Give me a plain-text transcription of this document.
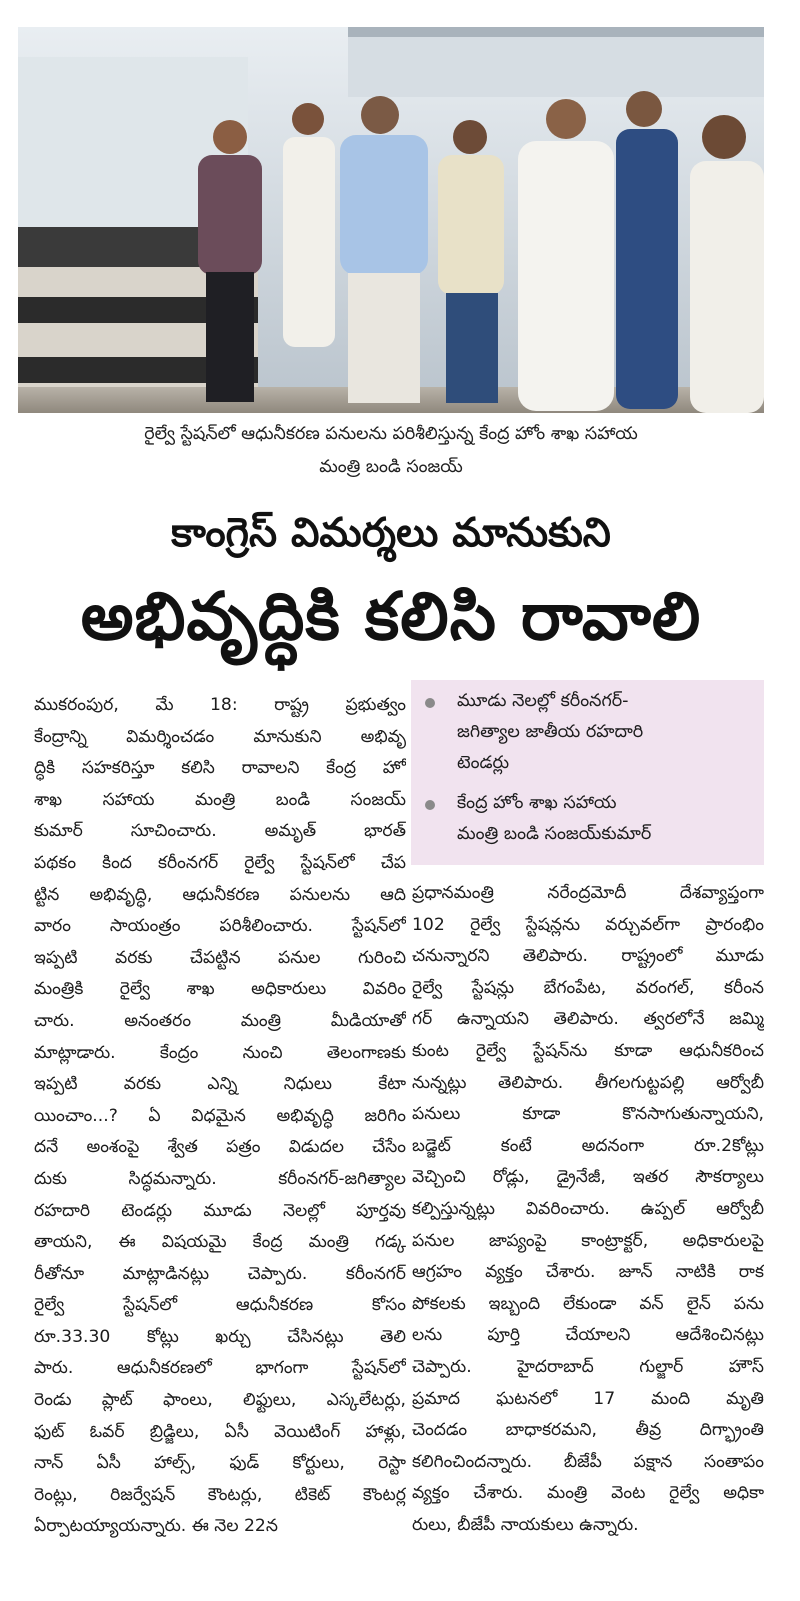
రైల్వే స్టేషన్‌లో ఆధునీకరణ పనులను పరిశీలిస్తున్న కేంద్ర హోం శాఖ సహాయ
మంత్రి బండి సంజయ్
కాంగ్రెస్ విమర్శలు మానుకుని
అభివృద్ధికి కలిసి రావాలి
మూడు నెలల్లో కరీంనగర్-
జగిత్యాల జాతీయ రహదారి
టెండర్లు
కేంద్ర హోం శాఖ సహాయ
మంత్రి బండి సంజయ్‌కుమార్
ముకరంపుర, మే 18: రాష్ట్ర ప్రభుత్వం
కేంద్రాన్ని విమర్శించడం మానుకుని అభివృ
ద్ధికి సహకరిస్తూ కలిసి రావాలని కేంద్ర హో
శాఖ సహాయ మంత్రి బండి సంజయ్
కుమార్ సూచించారు. అమృత్ భారత్
పథకం కింద కరీంనగర్ రైల్వే స్టేషన్‌లో చేప
ట్టిన అభివృద్ధి, ఆధునీకరణ పనులను ఆది
వారం సాయంత్రం పరిశీలించారు. స్టేషన్‌లో
ఇప్పటి వరకు చేపట్టిన పనుల గురించి
మంత్రికి రైల్వే శాఖ అధికారులు వివరిం
చారు. అనంతరం మంత్రి మీడియాతో
మాట్లాడారు. కేంద్రం నుంచి తెలంగాణకు
ఇప్పటి వరకు ఎన్ని నిధులు కేటా
యించాం...? ఏ విధమైన అభివృద్ధి జరిగిం
దనే అంశంపై శ్వేత పత్రం విడుదల చేసేం
దుకు సిద్ధమన్నారు. కరీంనగర్-జగిత్యాల
రహదారి టెండర్లు మూడు నెలల్లో పూర్తవు
తాయని, ఈ విషయమై కేంద్ర మంత్రి గడ్క
రీతోనూ మాట్లాడినట్లు చెప్పారు. కరీంనగర్
రైల్వే స్టేషన్‌లో ఆధునీకరణ కోసం
రూ.33.30 కోట్లు ఖర్చు చేసినట్లు తెలి
పారు. ఆధునీకరణలో భాగంగా స్టేషన్‌లో
రెండు ప్లాట్ ఫాంలు, లిఫ్టులు, ఎస్కలేటర్లు,
ఫుట్ ఓవర్ బ్రిడ్జిలు, ఏసీ వెయిటింగ్ హాళ్లు,
నాన్ ఏసీ హాల్స్, ఫుడ్ కోర్టులు, రెస్టా
రెంట్లు, రిజర్వేషన్ కౌంటర్లు, టికెట్ కౌంటర్ల
ఏర్పాటయ్యాయన్నారు. ఈ నెల 22న
ప్రధానమంత్రి నరేంద్రమోదీ దేశవ్యాప్తంగా
102 రైల్వే స్టేషన్లను వర్చువల్‌గా ప్రారంభిం
చనున్నారని తెలిపారు. రాష్ట్రంలో మూడు
రైల్వే స్టేషన్లు బేగంపేట, వరంగల్, కరీంన
గర్ ఉన్నాయని తెలిపారు. త్వరలోనే జమ్మి
కుంట రైల్వే స్టేషన్‌ను కూడా ఆధునీకరించ
నున్నట్లు తెలిపారు. తీగలగుట్టపల్లి ఆర్వోబీ
పనులు కూడా కొనసాగుతున్నాయని,
బడ్జెట్ కంటే అదనంగా రూ.2కోట్లు
వెచ్చించి రోడ్లు, డ్రైనేజీ, ఇతర సౌకర్యాలు
కల్పిస్తున్నట్లు వివరించారు. ఉప్పల్ ఆర్వోబీ
పనుల జాప్యంపై కాంట్రాక్టర్, అధికారులపై
ఆగ్రహం వ్యక్తం చేశారు. జూన్ నాటికి రాక
పోకలకు ఇబ్బంది లేకుండా వన్ లైన్ పను
లను పూర్తి చేయాలని ఆదేశించినట్లు
చెప్పారు. హైదరాబాద్ గుల్జార్ హౌస్
ప్రమాద ఘటనలో 17 మంది మృతి
చెందడం బాధాకరమని, తీవ్ర దిగ్భ్రాంతి
కలిగించిందన్నారు. బీజేపీ పక్షాన సంతాపం
వ్యక్తం చేశారు. మంత్రి వెంట రైల్వే అధికా
రులు, బీజేపీ నాయకులు ఉన్నారు.
